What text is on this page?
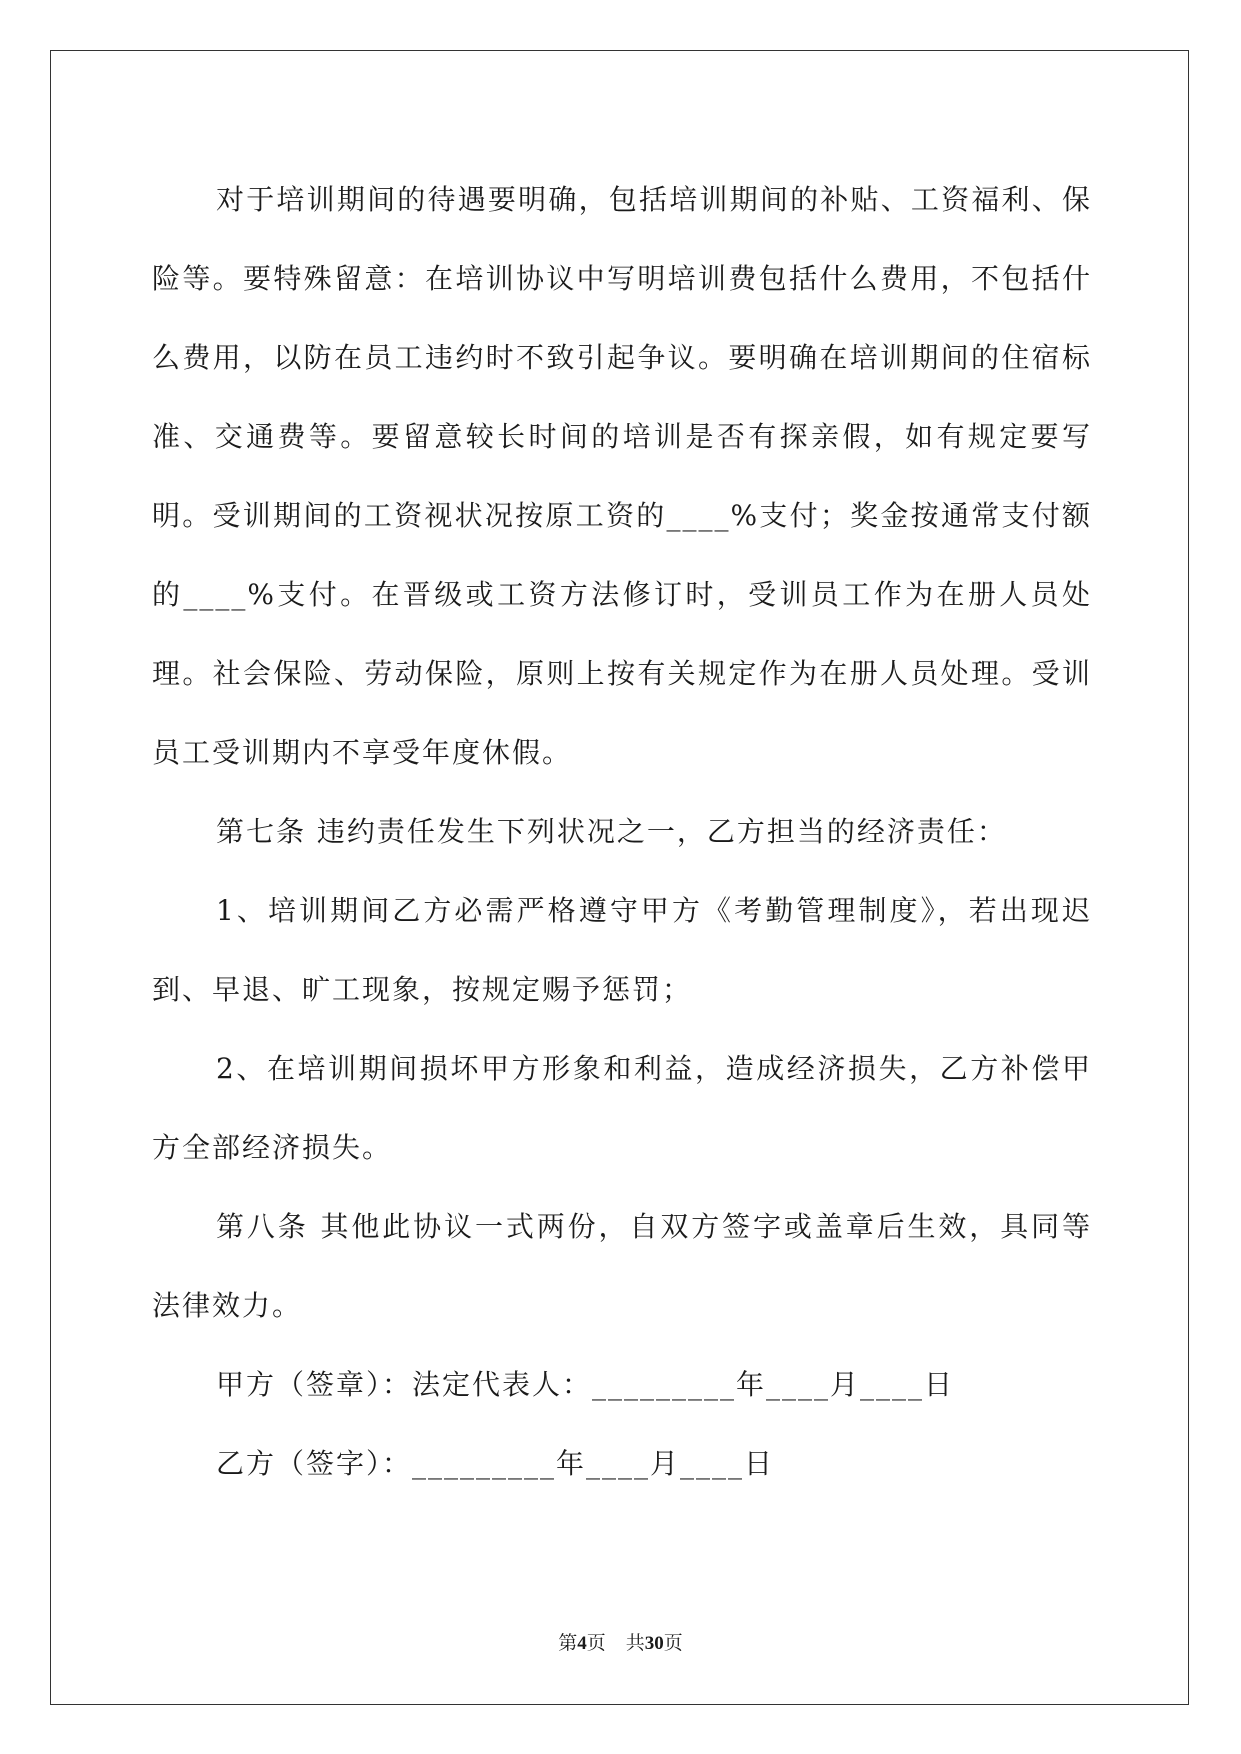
对于培训期间的待遇要明确，包括培训期间的补贴、工资福利、保险等。要特殊留意：在培训协议中写明培训费包括什么费用，不包括什么费用，以防在员工违约时不致引起争议。要明确在培训期间的住宿标准、交通费等。要留意较长时间的培训是否有探亲假，如有规定要写明。受训期间的工资视状况按原工资的____%支付；奖金按通常支付额的____%支付。在晋级或工资方法修订时，受训员工作为在册人员处理。社会保险、劳动保险，原则上按有关规定作为在册人员处理。受训员工受训期内不享受年度休假。

第七条 违约责任发生下列状况之一，乙方担当的经济责任：

1、培训期间乙方必需严格遵守甲方《考勤管理制度》，若出现迟到、早退、旷工现象，按规定赐予惩罚；

2、在培训期间损坏甲方形象和利益，造成经济损失，乙方补偿甲方全部经济损失。

第八条 其他此协议一式两份，自双方签字或盖章后生效，具同等法律效力。

甲方（签章）：法定代表人：_________年____月____日

乙方（签字）：_________年____月____日

第4页 共30页
